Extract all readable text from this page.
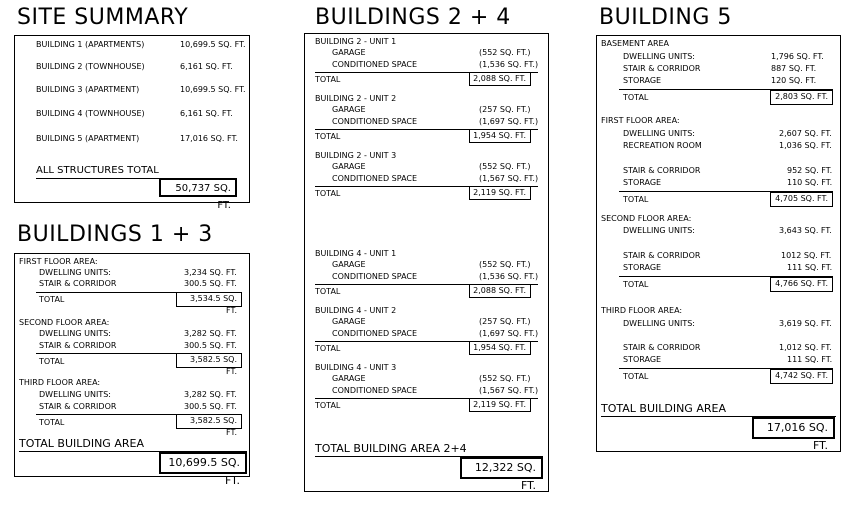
SITE SUMMARY
BUILDING 1 (APARTMENTS)	10,699.5 SQ. FT.
BUILDING 2 (TOWNHOUSE)	6,161 SQ. FT.
BUILDING 3 (APARTMENT)	10,699.5 SQ. FT.
BUILDING 4 (TOWNHOUSE)	6,161 SQ. FT.
BUILDING 5 (APARTMENT)	17,016 SQ. FT.
ALL STRUCTURES TOTAL
50,737 SQ. FT.
BUILDINGS 1 + 3
FIRST FLOOR AREA:
DWELLING UNITS:	3,234 SQ. FT.
STAIR & CORRIDOR	300.5 SQ. FT.
TOTAL	3,534.5 SQ. FT.
SECOND FLOOR AREA:
DWELLING UNITS:	3,282 SQ. FT.
STAIR & CORRIDOR	300.5 SQ. FT.
TOTAL	3,582.5 SQ. FT.
THIRD FLOOR AREA:
DWELLING UNITS:	3,282 SQ. FT.
STAIR & CORRIDOR	300.5 SQ. FT.
TOTAL	3,582.5 SQ. FT.
TOTAL BUILDING AREA
10,699.5 SQ. FT.
BUILDINGS 2 + 4
BUILDING 2 - UNIT 1
GARAGE	(552 SQ. FT.)
CONDITIONED SPACE	(1,536 SQ. FT.)
TOTAL	2,088 SQ. FT.
BUILDING 2 - UNIT 2
GARAGE	(257 SQ. FT.)
CONDITIONED SPACE	(1,697 SQ. FT.)
TOTAL	1,954 SQ. FT.
BUILDING 2 - UNIT 3
GARAGE	(552 SQ. FT.)
CONDITIONED SPACE	(1,567 SQ. FT.)
TOTAL	2,119 SQ. FT.
BUILDING 4 - UNIT 1
GARAGE	(552 SQ. FT.)
CONDITIONED SPACE	(1,536 SQ. FT.)
TOTAL	2,088 SQ. FT.
BUILDING 4 - UNIT 2
GARAGE	(257 SQ. FT.)
CONDITIONED SPACE	(1,697 SQ. FT.)
TOTAL	1,954 SQ. FT.
BUILDING 4 - UNIT 3
GARAGE	(552 SQ. FT.)
CONDITIONED SPACE	(1,567 SQ. FT.)
TOTAL	2,119 SQ. FT.
TOTAL BUILDING AREA 2+4
12,322 SQ. FT.
BUILDING 5
BASEMENT AREA
DWELLING UNITS:	1,796 SQ. FT.
STAIR & CORRIDOR	887 SQ. FT.
STORAGE	120 SQ. FT.
TOTAL	2,803 SQ. FT.
FIRST FLOOR AREA:
DWELLING UNITS:	2,607 SQ. FT.
RECREATION ROOM	1,036 SQ. FT.
STAIR & CORRIDOR	952 SQ. FT.
STORAGE	110 SQ. FT.
TOTAL	4,705 SQ. FT.
SECOND FLOOR AREA:
DWELLING UNITS:	3,643 SQ. FT.
STAIR & CORRIDOR	1012 SQ. FT.
STORAGE	111 SQ. FT.
TOTAL	4,766 SQ. FT.
THIRD FLOOR AREA:
DWELLING UNITS:	3,619 SQ. FT.
STAIR & CORRIDOR	1,012 SQ. FT.
STORAGE	111 SQ. FT.
TOTAL	4,742 SQ. FT.
TOTAL BUILDING AREA
17,016 SQ. FT.
